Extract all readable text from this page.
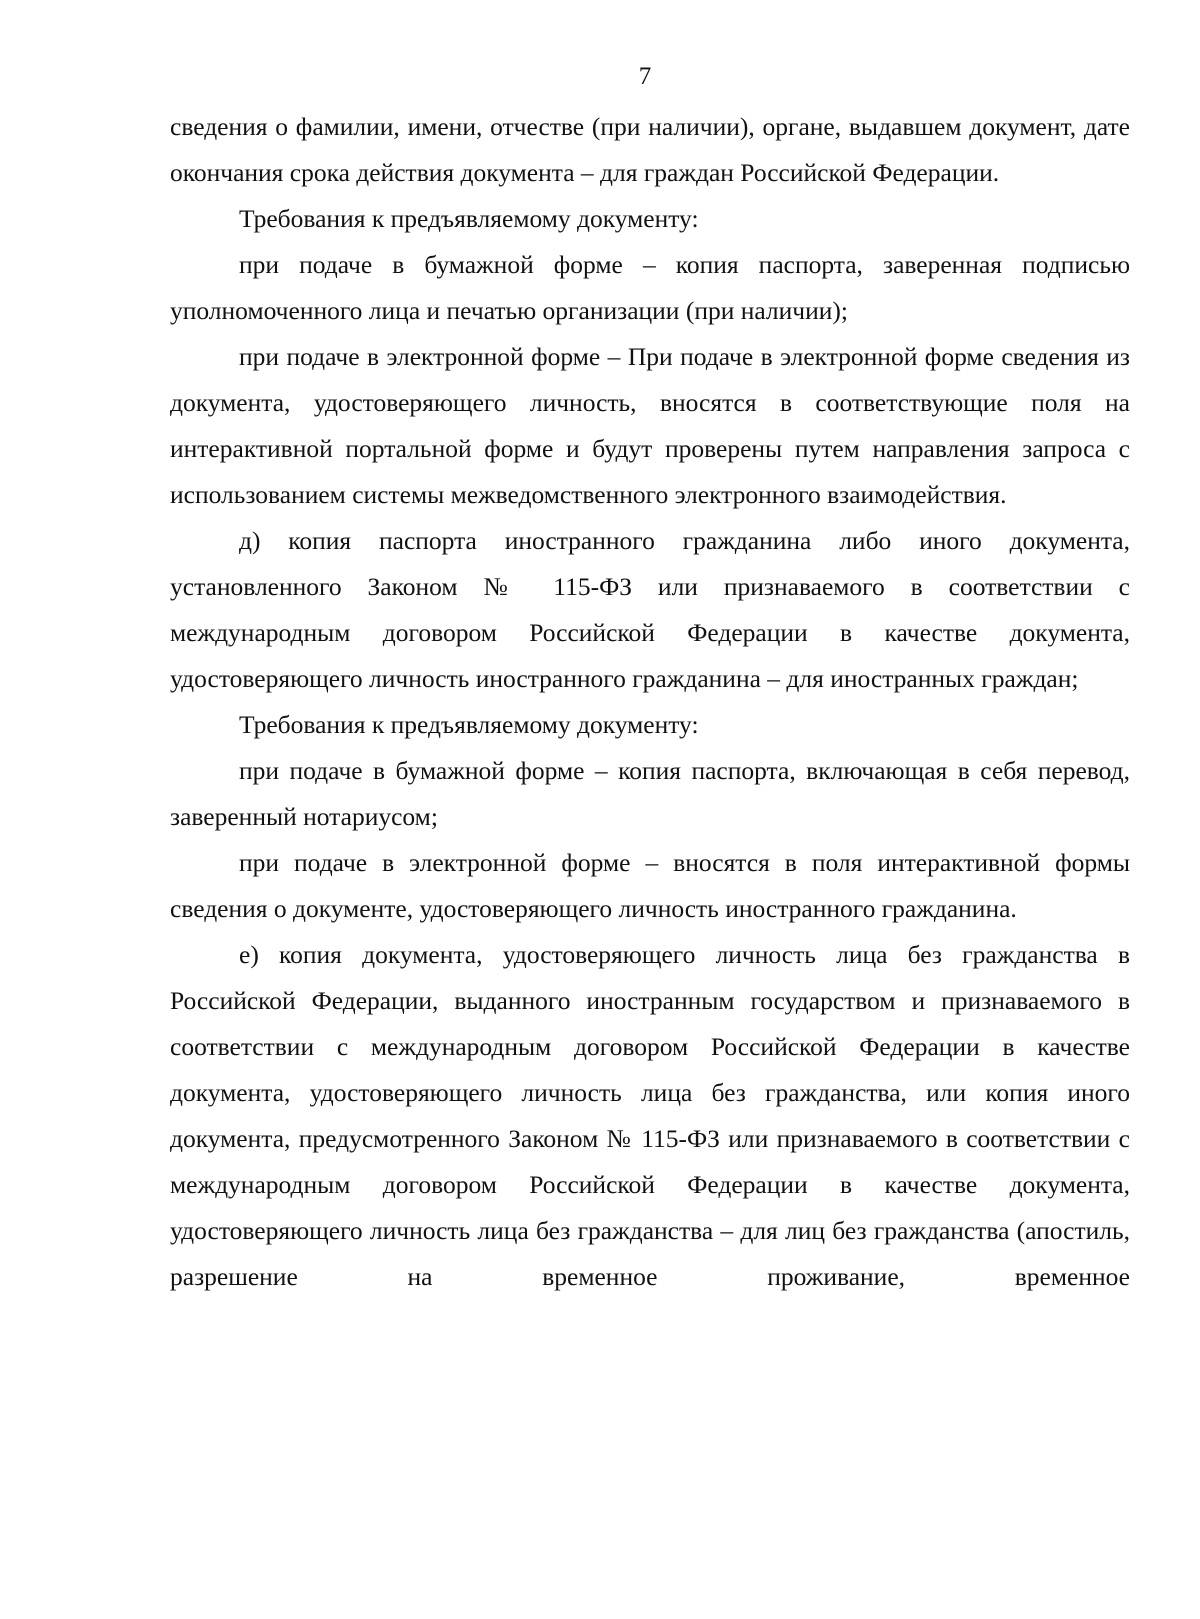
7

сведения о фамилии, имени, отчестве (при наличии), органе, выдавшем документ, дате окончания срока действия документа – для граждан Российской Федерации.

Требования к предъявляемому документу:

при подаче в бумажной форме – копия паспорта, заверенная подписью уполномоченного лица и печатью организации (при наличии);

при подаче в электронной форме – При подаче в электронной форме сведения из документа, удостоверяющего личность, вносятся в соответствующие поля на интерактивной портальной форме и будут проверены путем направления запроса с использованием системы межведомственного электронного взаимодействия.

д) копия паспорта иностранного гражданина либо иного документа, установленного Законом № 115-ФЗ или признаваемого в соответствии с международным договором Российской Федерации в качестве документа, удостоверяющего личность иностранного гражданина – для иностранных граждан;

Требования к предъявляемому документу:

при подаче в бумажной форме – копия паспорта, включающая в себя перевод, заверенный нотариусом;

при подаче в электронной форме – вносятся в поля интерактивной формы сведения о документе, удостоверяющего личность иностранного гражданина.

е) копия документа, удостоверяющего личность лица без гражданства в Российской Федерации, выданного иностранным государством и признаваемого в соответствии с международным договором Российской Федерации в качестве документа, удостоверяющего личность лица без гражданства, или копия иного документа, предусмотренного Законом № 115-ФЗ или признаваемого в соответствии с международным договором Российской Федерации в качестве документа, удостоверяющего личность лица без гражданства – для лиц без гражданства (апостиль, разрешение на временное проживание, временное
